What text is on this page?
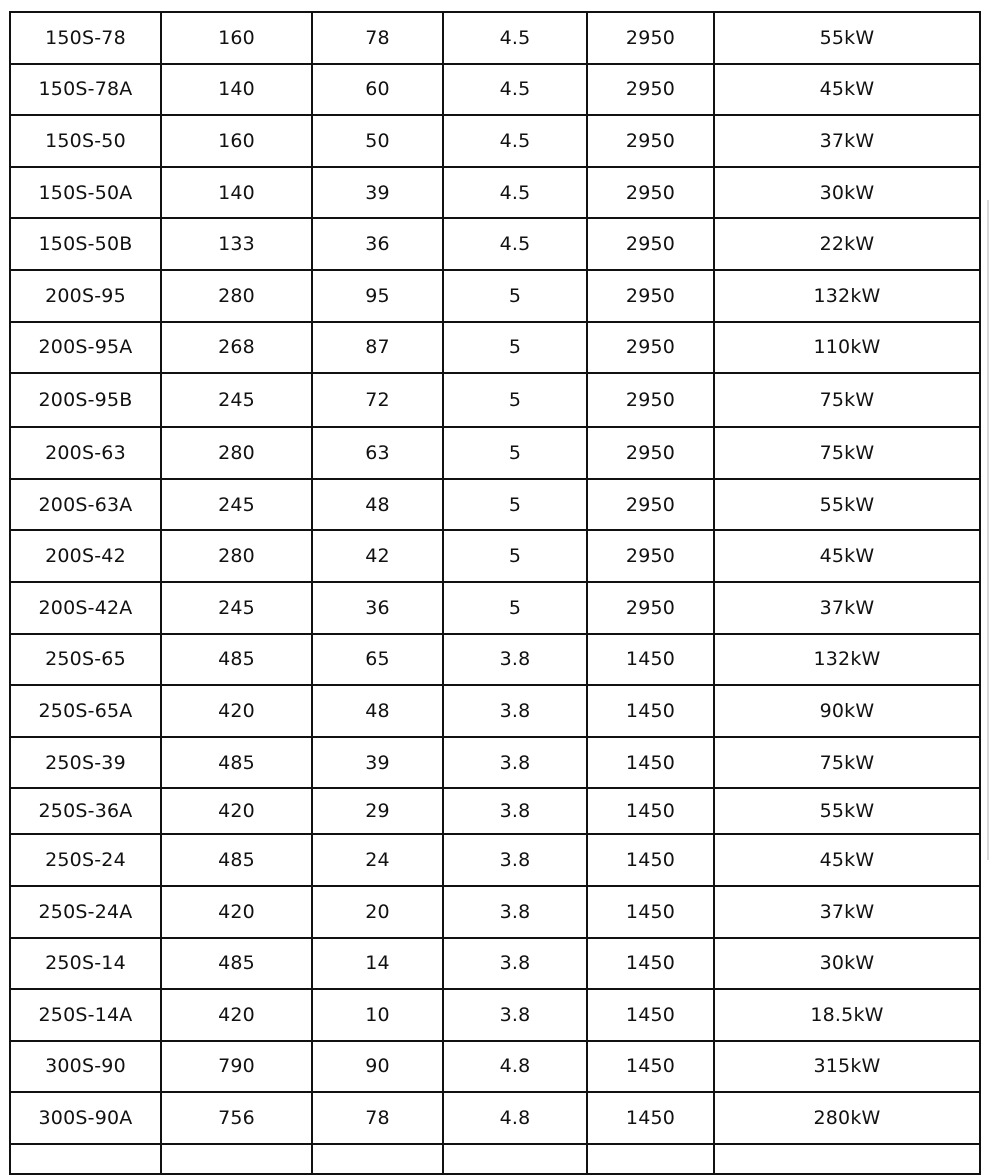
150S-78	160	78	4.5	2950	55kW
150S-78A	140	60	4.5	2950	45kW
150S-50	160	50	4.5	2950	37kW
150S-50A	140	39	4.5	2950	30kW
150S-50B	133	36	4.5	2950	22kW
200S-95	280	95	5	2950	132kW
200S-95A	268	87	5	2950	110kW
200S-95B	245	72	5	2950	75kW
200S-63	280	63	5	2950	75kW
200S-63A	245	48	5	2950	55kW
200S-42	280	42	5	2950	45kW
200S-42A	245	36	5	2950	37kW
250S-65	485	65	3.8	1450	132kW
250S-65A	420	48	3.8	1450	90kW
250S-39	485	39	3.8	1450	75kW
250S-36A	420	29	3.8	1450	55kW
250S-24	485	24	3.8	1450	45kW
250S-24A	420	20	3.8	1450	37kW
250S-14	485	14	3.8	1450	30kW
250S-14A	420	10	3.8	1450	18.5kW
300S-90	790	90	4.8	1450	315kW
300S-90A	756	78	4.8	1450	280kW
